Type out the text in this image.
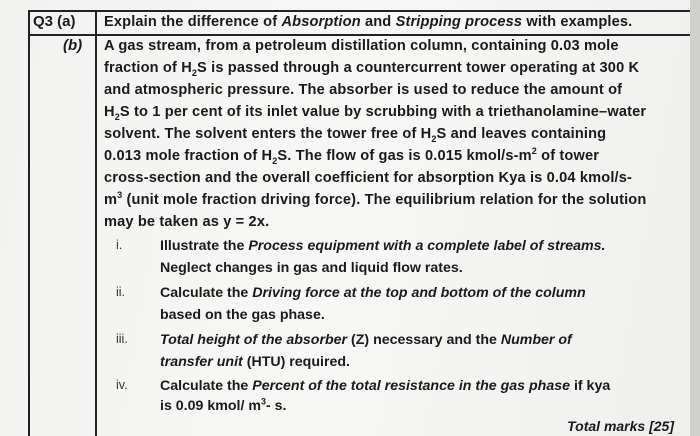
Q3 (a)
(b)
Explain the difference of Absorption and Stripping process with examples.
A gas stream, from a petroleum distillation column, containing 0.03 mole
fraction of $H_2S$ is passed through a countercurrent tower operating at 300 K
and atmospheric pressure. The absorber is used to reduce the amount of
$H_2S$ to 1 per cent of its inlet value by scrubbing with a triethanolamine–water
solvent. The solvent enters the tower free of $H_2S$ and leaves containing
0.013 mole fraction of $H_2S$. The flow of gas is 0.015 kmol/$s-m^2$ of tower
cross-section and the overall coefficient for absorption Kya is 0.04 kmol/s-
$m^3$ (unit mole fraction driving force). The equilibrium relation for the solution
may be taken as y = 2x.
i.	Illustrate the Process equipment with a complete label of streams.
Neglect changes in gas and liquid flow rates.
ii. Calculate the Driving force at the top and bottom of the column
based on the gas phase.
iii. Total height of the absorber (Z) necessary and the Number of
transfer unit (HTU) required.
iv. Calculate the Percent of the total resistance in the gas phase if kya
is 0.09 kmol/ $m^3-$ s.
Total marks [25]
